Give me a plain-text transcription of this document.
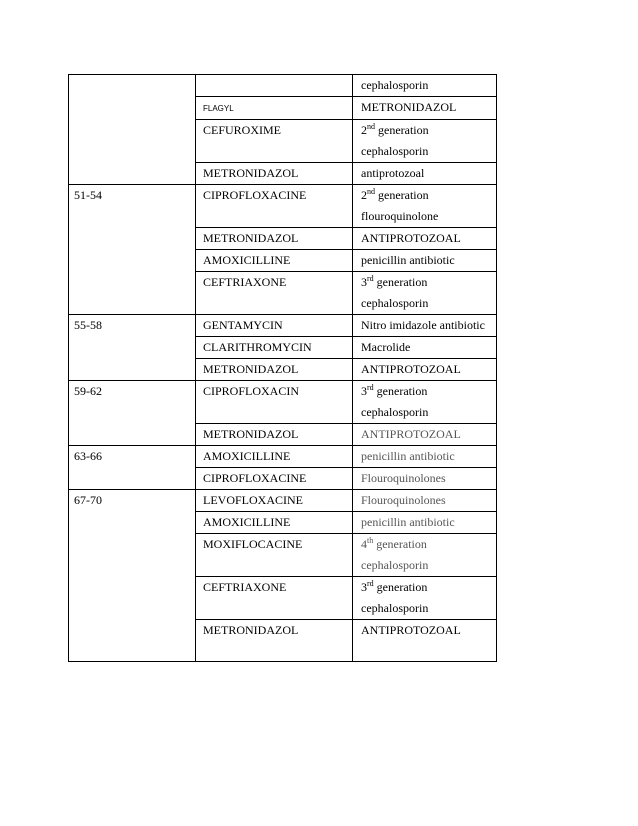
		cephalosporin

	FLAGYL	METRONIDAZOL

	CEFUROXIME	2nd generation
cephalosporin

	METRONIDAZOL	antiprotozoal

51-54	CIPROFLOXACINE	2nd generation
flouroquinolone

	METRONIDAZOL	ANTIPROTOZOAL

	AMOXICILLINE	penicillin antibiotic

	CEFTRIAXONE	3rd generation
cephalosporin

55-58	GENTAMYCIN	Nitro imidazole antibiotic

	CLARITHROMYCIN	Macrolide

	METRONIDAZOL	ANTIPROTOZOAL

59-62	CIPROFLOXACIN	3rd generation
cephalosporin

	METRONIDAZOL	ANTIPROTOZOAL

63-66	AMOXICILLINE	penicillin antibiotic

	CIPROFLOXACINE	Flouroquinolones

67-70	LEVOFLOXACINE	Flouroquinolones

	AMOXICILLINE	penicillin antibiotic

	MOXIFLOCACINE	4th generation
cephalosporin

	CEFTRIAXONE	3rd generation
cephalosporin

	METRONIDAZOL	ANTIPROTOZOAL
